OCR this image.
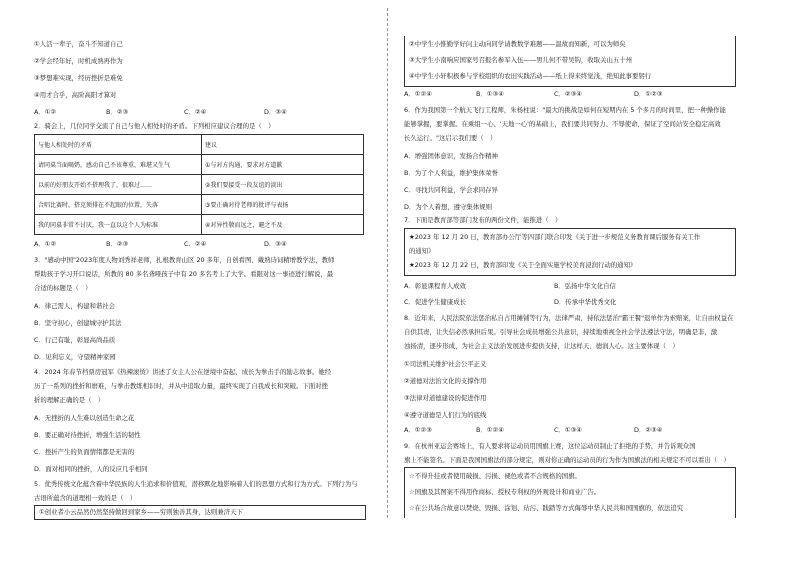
①人活一辈子，奋斗不知道自己
②学会经年好，时机成熟再作为
③梦想难实现，经历挫折是难免
④用才合乎，高阶高阳才算对
A．①②	B．②③	C．②④	D．③④
2．骑会上，几位同学交流了自己与他人相处时的矛盾。下列相应建议合理的是（　）
与他人相处时的矛盾	建议
请同桌当面喝奶，感动自己不该尊重，难堪又生气	①与对方沟通，要求对方道歉
以前的好朋友开始不搭理我了，很难过……	②我们要接受一段友谊的淡出
合唱比赛时，搭克须排在不起眼的位置，失落	③要正确对待老师的批评与表扬
我的同桌非常不讨厌，我一直以这个人为标准	④对异性敬而远之，避之不及
A．①②	B．②③	C．②④	D．③④
3．"感动中国"2023年度人物刘秀祥老师，扎根教育山区 20 多年，自创看图、戴熟诗词精增教学法，教师
帮助孩子学习开口说话，所教的 80 多名聋哑孩子中有 20 多名考上了大学。看跟对这一事迹进行解说，最
合适的标题是（　）
A．律己需人，构建和谐社会
B．坚守初心，创建城守护其法
C．行己有耻，彰显高尚品质
D．见利忘义，守望精神家园
4．2024 年春节档票房冠军《热辣滚烫》讲述了女主人公在逆境中奋起、成长为拳击手的励志故事。她经
历了一系列的挫折和磨难，与拳击教练相识时，并从中追取力量，最终实现了自我成长和突破。下面对挫
折的理解正确的是（　）
A．无挫折的人生难以创造生命之花
B．要正确对待挫折，增强生活的韧性
C．挫折产生的负面情绪都是无害的
D．面对相同的挫折，人的反应几乎相同
5．优秀传统文化蕴含着中华民族的人生追求和价值观，潜移默化地影响着人们的思想方式和行为方式。下列行为与
古语所蕴含的道理相一致的是（　）
①创业者小云品然仍然坚持做回到家乡——穷则独善其身，达则兼济天下
②中学生小惟勤学好问主动向同学请教数学难题——温故而知新，可以为师矣
③大学生小南响应国家号召报名参军入伍——男儿何不带吴钩，收取关山五十州
④中学生小轩积极参与学校组织的农田实践活动——纸上得来终觉浅，绝知此事要躬行
A．①②④	B．①③④	C．②③④	D．①②③
6．作为我国第一个航天飞行工程师，朱杨柱说："最大的挑战是如何在短期内在 5 个多月的时间里，把一种操作能
能够掌握，要掌握。在乘组一心、'天地一心'的基础上，我们要共同努力、不辱使命，保证了空间站安全稳定高效
长久运行。"这启示我们要（　）
A．增强团体意识，发扬合作精神
B．为了个人利益，维护集体荣誉
C．寻找共同利益，学会求同存异
D．为个人着想，遵守集体规则
7．下面是教育部等部门发布的两份文件，能推进（　）
★2023 年 12 月 20 日，教育部办公厅等四部门联合印发《关于进一步规范义务教育课后服务有关工作
的通知》
★2023 年 12 月 22 日，教育部印发《关于全面实施学校美育浸润行动的通知》
A．彰显课程育人成效	B．弘扬中华文化自信
C．促进学生健康成长	D．传承中华优秀文化
8．近年来，人民法院依法惩治私自占用摊铺等行为，法律严肃，持依法惩治"霸王餐"退单作为索赔案，让自由权益在
自供其责，让失信必然承担后果。引导社会成员增强公共意识，持续地重视全社会学法遵法守法，明确是非，激
浊扬清，逐步形成，为社会主义法治发展进步提供支持，让这样天、德润人心。这主要体现（　）
①司法机关维护社会公平正义
②道德对法治文化的支撑作用
③法律对道德建设的促进作用
④遵守道德是人们行为的底线
A．①②③	B．①②④	C．①③④	D．②③④
9．在杭州亚运会赛场上，有人要求将运动员用国旗上赛，这位运动员制止了拒绝的手势，并告诉观众国
旗上不能签名。下面是我国国旗法的部分规定，则对你正确的运动员的行为作为国旗法的相关规定不可以看出（　）
☆不得升挂或者使用破损、污损、褪色或者不合规格的国旗。
☆国旗及其图案不得用作商标、授权专利权的外观设计和商业广告。
☆在公共场合故意以焚烧、毁损、涂划、玷污、践踏等方式侮辱中华人民共和国国旗的，依法追究
